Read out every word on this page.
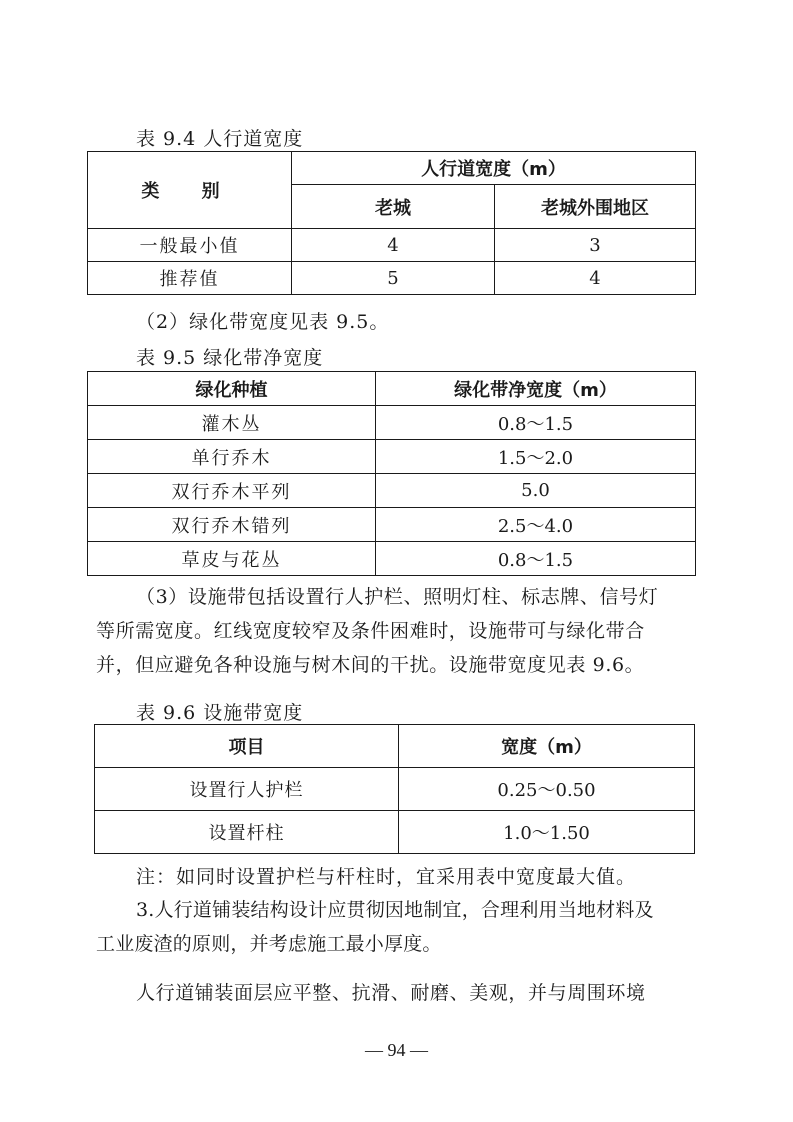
表 9.4 人行道宽度
类 别	人行道宽度（m）	
	老城	老城外围地区
一般最小值	4	3
推荐值	5	4
（2）绿化带宽度见表 9.5。
表 9.5 绿化带净宽度
绿化种植	绿化带净宽度（m）
灌木丛	0.8～1.5
单行乔木	1.5～2.0
双行乔木平列	5.0
双行乔木错列	2.5～4.0
草皮与花丛	0.8～1.5
（3）设施带包括设置行人护栏、照明灯柱、标志牌、信号灯
等所需宽度。红线宽度较窄及条件困难时，设施带可与绿化带合
并，但应避免各种设施与树木间的干扰。设施带宽度见表 9.6。
表 9.6 设施带宽度
项目	宽度（m）
设置行人护栏	0.25～0.50
设置杆柱	1.0～1.50
注：如同时设置护栏与杆柱时，宜采用表中宽度最大值。
3.人行道铺装结构设计应贯彻因地制宜，合理利用当地材料及
工业废渣的原则，并考虑施工最小厚度。
人行道铺装面层应平整、抗滑、耐磨、美观，并与周围环境
— 94 —
